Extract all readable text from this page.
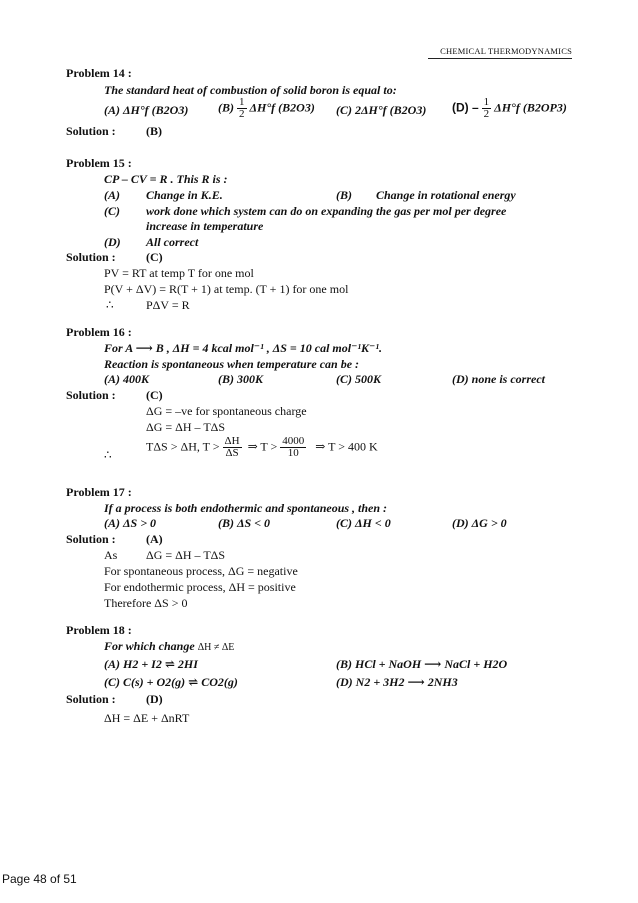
CHEMICAL THERMODYNAMICS
Problem 14 :
The standard heat of combustion of solid boron is equal to:
(A) ΔH°f (B2O3) $(B) \frac{1}{2} \Delta H^\circ f$ (B2O3) (C) 2ΔH°f (B2O3) $(D) - \frac{1}{2} \Delta H^\circ f$ (B2OP3)
Solution :	(B)
Problem 15 :
CP – CV = R . This R is :
(A) Change in K.E.	(B) Change in rotational energy
(C) work done which system can do on expanding the gas per mol per degree
increase in temperature
(D) All correct
Solution :	(C)
PV = RT at temp T for one mol
P(V + ΔV) = R(T + 1) at temp. (T + 1) for one mol
∴	PΔV = R
Problem 16 :
For A ⟶ B , ΔH = 4 kcal mol⁻¹ , ΔS = 10 cal mol⁻¹K⁻¹.
Reaction is spontaneous when temperature can be :
(A) 400K	(B) 300K	(C) 500K	(D) none is correct
Solution :	(C)
ΔG = –ve for spontaneous charge
ΔG = ΔH – TΔS
∴
TΔS > ΔH, $T > \frac{\Delta H}{\Delta S}$ ⇒ $T > \frac{4000}{10}$ ⇒ T > 400 K
Problem 17 :
If a process is both endothermic and spontaneous , then :
(A) ΔS > 0	(B) ΔS < 0	(C) ΔH < 0	(D) ΔG > 0
Solution :	(A)
As ΔG = ΔH – TΔS
For spontaneous process, ΔG = negative
For endothermic process, ΔH = positive
Therefore ΔS > 0
Problem 18 :
For which change ΔH ≠ ΔE
(A) H2 + I2 ⇌ 2HI	(B) HCl + NaOH ⟶ NaCl + H2O
(C) C(s) + O2(g) ⇌ CO2(g)	(D) N2 + 3H2 ⟶ 2NH3
Solution :	(D)
ΔH = ΔE + ΔnRT
Page 48 of 51
